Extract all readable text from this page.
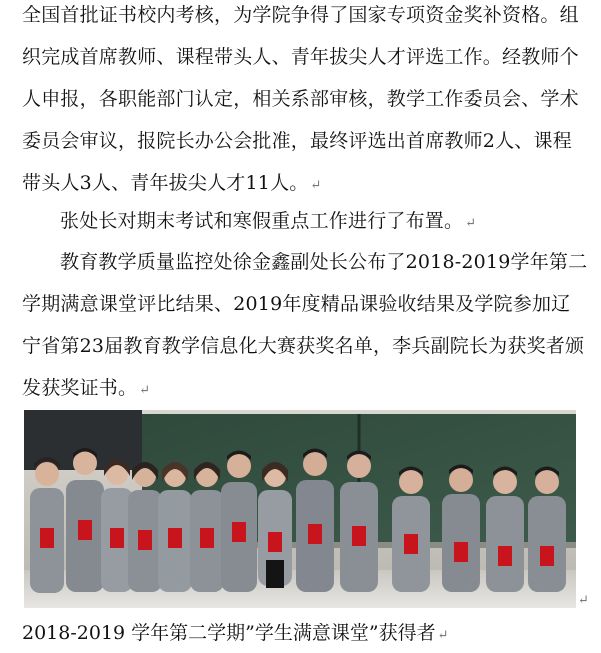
全国首批证书校内考核，为学院争得了国家专项资金奖补资格。组织完成首席教师、课程带头人、青年拔尖人才评选工作。经教师个人申报，各职能部门认定，相关系部审核，教学工作委员会、学术委员会审议，报院长办公会批准，最终评选出首席教师2人、课程带头人3人、青年拔尖人才11人。 ↵

张处长对期末考试和寒假重点工作进行了布置。 ↵

教育教学质量监控处徐金鑫副处长公布了2018-2019学年第二学期满意课堂评比结果、2019年度精品课验收结果及学院参加辽宁省第23届教育教学信息化大赛获奖名单，李兵副院长为获奖者颁发获奖证书。 ↵

↵

2018-2019 学年第二学期”学生满意课堂”获得者 ↵
